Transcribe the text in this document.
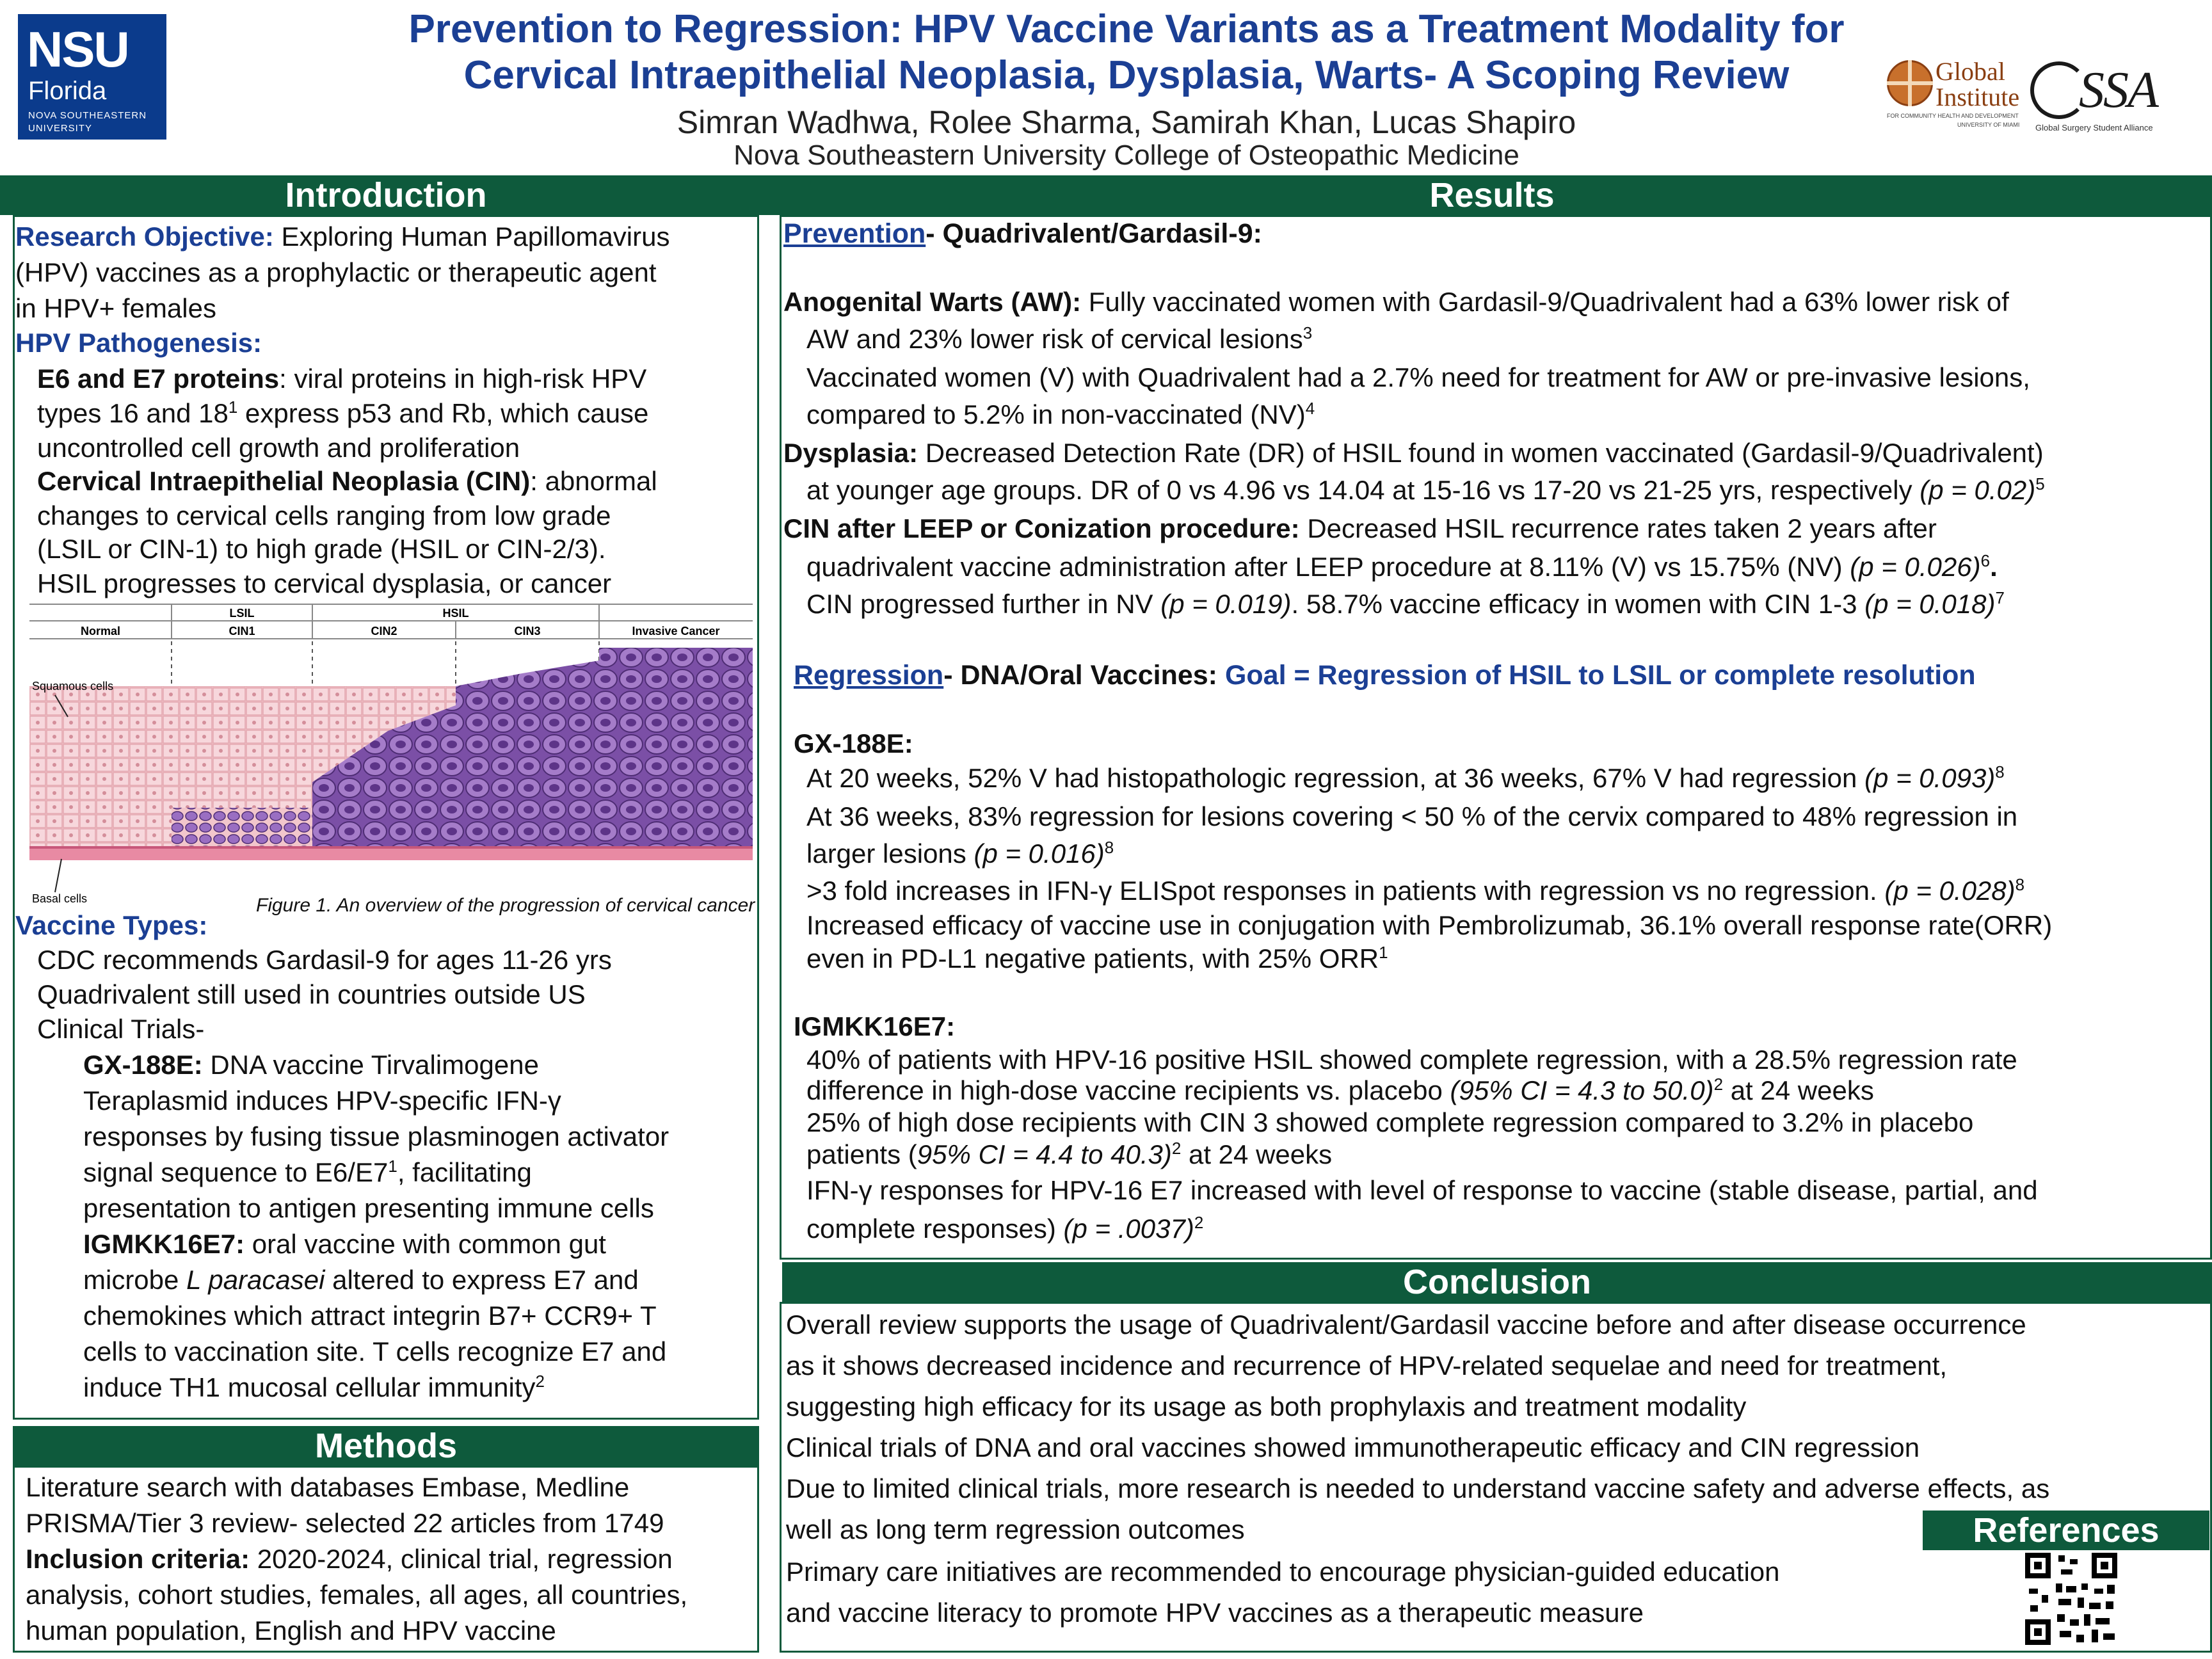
NSU
Florida
NOVA SOUTHEASTERN
UNIVERSITY
Prevention to Regression: HPV Vaccine Variants as a Treatment Modality for
Cervical Intraepithelial Neoplasia, Dysplasia, Warts- A Scoping Review
Simran Wadhwa, Rolee Sharma, Samirah Khan, Lucas Shapiro
Nova Southeastern University College of Osteopathic Medicine
Global
Institute
FOR COMMUNITY HEALTH AND DEVELOPMENT
UNIVERSITY OF MIAMI
SSA
Global Surgery Student Alliance
Introduction
Research Objective: Exploring Human Papillomavirus
(HPV) vaccines as a prophylactic or therapeutic agent
in HPV+ females
HPV Pathogenesis:
E6 and E7 proteins: viral proteins in high-risk HPV
types 16 and $18^1$ express p53 and Rb, which cause
uncontrolled cell growth and proliferation
Cervical Intraepithelial Neoplasia (CIN): abnormal
changes to cervical cells ranging from low grade
(LSIL or CIN-1) to high grade (HSIL or CIN-2/3).
HSIL progresses to cervical dysplasia, or cancer
LSIL	HSIL
Normal	CIN1	CIN2	CIN3	Invasive Cancer
Squamous cells
Basal cells	Figure 1. An overview of the progression of cervical cancer
Vaccine Types:
CDC recommends Gardasil-9 for ages 11-26 yrs
Quadrivalent still used in countries outside US
Clinical Trials-
GX-188E: DNA vaccine Tirvalimogene
Teraplasmid induces HPV-specific IFN-γ
responses by fusing tissue plasminogen activator
signal sequence to $E6/E7^1$, facilitating
presentation to antigen presenting immune cells
IGMKK16E7: oral vaccine with common gut
microbe L paracasei altered to express E7 and
chemokines which attract integrin B7+ CCR9+ T
cells to vaccination site. T cells recognize E7 and
induce TH1 mucosal cellular immunity$^2$
Methods
Literature search with databases Embase, Medline
PRISMA/Tier 3 review- selected 22 articles from 1749
Inclusion criteria: 2020-2024, clinical trial, regression
analysis, cohort studies, females, all ages, all countries,
human population, English and HPV vaccine
Results
Prevention- Quadrivalent/Gardasil-9:
Anogenital Warts (AW): Fully vaccinated women with Gardasil-9/Quadrivalent had a 63% lower risk of
AW and 23% lower risk of cervical lesions$^3$
Vaccinated women (V) with Quadrivalent had a 2.7% need for treatment for AW or pre-invasive lesions,
compared to 5.2% in non-vaccinated (NV)$^4$
Dysplasia: Decreased Detection Rate (DR) of HSIL found in women vaccinated (Gardasil-9/Quadrivalent)
at younger age groups. DR of 0 vs 4.96 vs 14.04 at 15-16 vs 17-20 vs 21-25 yrs, respectively (p = 0.02)$^5$
CIN after LEEP or Conization procedure: Decreased HSIL recurrence rates taken 2 years after
quadrivalent vaccine administration after LEEP procedure at 8.11% (V) vs 15.75% (NV) (p = 0.026)$^6$.
CIN progressed further in NV (p = 0.019). 58.7% vaccine efficacy in women with CIN 1-3 (p = 0.018)$^7$
Regression- DNA/Oral Vaccines: Goal = Regression of HSIL to LSIL or complete resolution
GX-188E:
At 20 weeks, 52% V had histopathologic regression, at 36 weeks, 67% V had regression (p = 0.093)$^8$
At 36 weeks, 83% regression for lesions covering < 50 % of the cervix compared to 48% regression in
larger lesions (p = 0.016)$^8$
>3 fold increases in IFN-γ ELISpot responses in patients with regression vs no regression. (p = 0.028)$^8$
Increased efficacy of vaccine use in conjugation with Pembrolizumab, 36.1% overall response rate(ORR)
even in PD-L1 negative patients, with 25% ORR$^1$
IGMKK16E7:
40% of patients with HPV-16 positive HSIL showed complete regression, with a 28.5% regression rate
difference in high-dose vaccine recipients vs. placebo (95% CI = 4.3 to 50.0)$^2$ at 24 weeks
25% of high dose recipients with CIN 3 showed complete regression compared to 3.2% in placebo
patients (95% CI = 4.4 to 40.3)$^2$ at 24 weeks
IFN-γ responses for HPV-16 E7 increased with level of response to vaccine (stable disease, partial, and
complete responses) (p = .0037)$^2$
Conclusion
Overall review supports the usage of Quadrivalent/Gardasil vaccine before and after disease occurrence
as it shows decreased incidence and recurrence of HPV-related sequelae and need for treatment,
suggesting high efficacy for its usage as both prophylaxis and treatment modality
Clinical trials of DNA and oral vaccines showed immunotherapeutic efficacy and CIN regression
Due to limited clinical trials, more research is needed to understand vaccine safety and adverse effects, as
well as long term regression outcomes
Primary care initiatives are recommended to encourage physician-guided education
and vaccine literacy to promote HPV vaccines as a therapeutic measure
References
